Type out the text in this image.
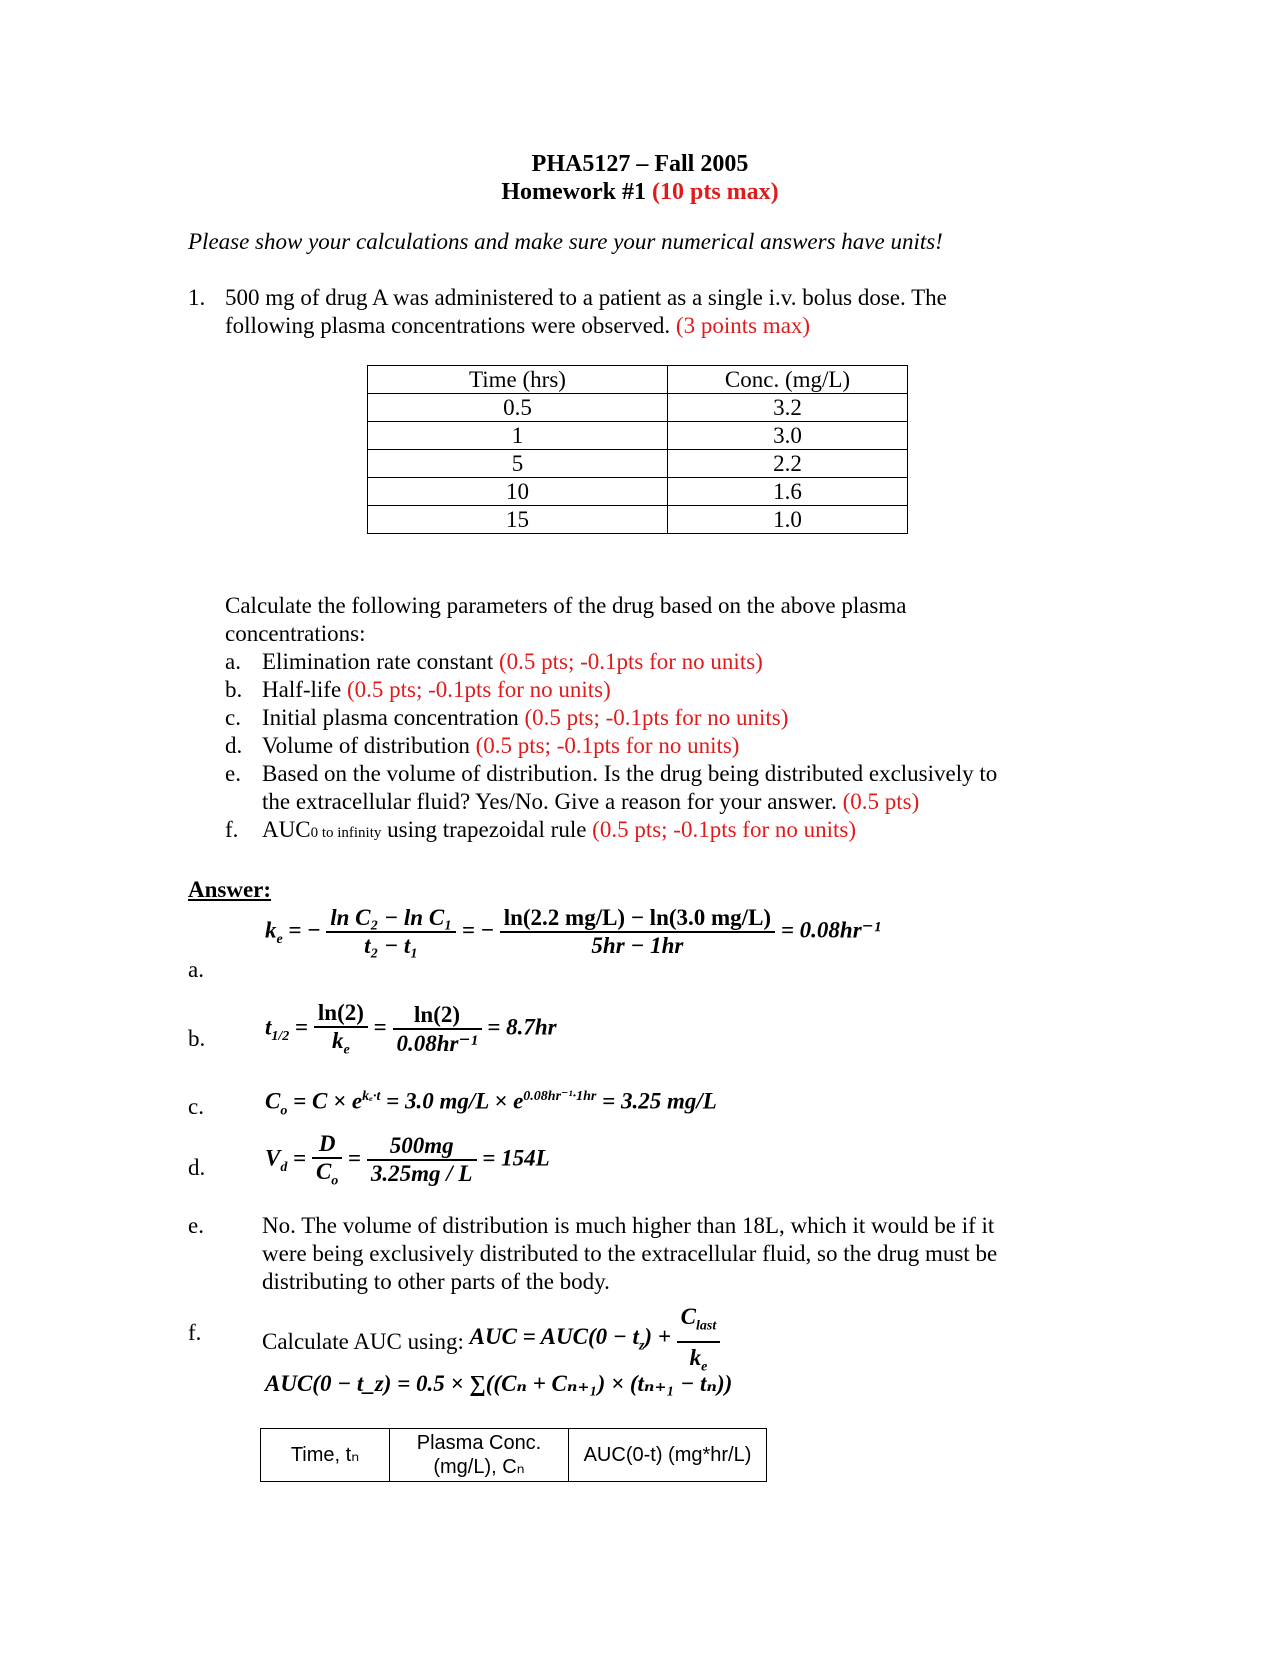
PHA5127 – Fall 2005
Homework #1 (10 pts max)
Please show your calculations and make sure your numerical answers have units!
1. 500 mg of drug A was administered to a patient as a single i.v. bolus dose. The
following plasma concentrations were observed. (3 points max)
Time (hrs)	Conc. (mg/L)
0.5	3.2
1	3.0
5	2.2
10	1.6
15	1.0
Calculate the following parameters of the drug based on the above plasma
concentrations:
a. Elimination rate constant (0.5 pts; -0.1pts for no units)
b. Half-life (0.5 pts; -0.1pts for no units)
c. Initial plasma concentration (0.5 pts; -0.1pts for no units)
d. Volume of distribution (0.5 pts; -0.1pts for no units)
e. Based on the volume of distribution. Is the drug being distributed exclusively to
the extracellular fluid? Yes/No. Give a reason for your answer. (0.5 pts)
f. AUC0 to infinity using trapezoidal rule (0.5 pts; -0.1pts for no units)
Answer:
a.
$k_e$ = − $\frac{\text{ln C₂ − ln C₁}}{\text{t₂ − t₁}}$ = − $\frac{\ln(2.2 mg/L) - \ln(3.0 mg/L)}{5hr - 1hr} = 0.08hr^{-1}$
b.	$t_{1/2} = \frac{\ln(2)}{k_e} = \frac{\ln(2)}{\text{0.08hr⁻¹}} = 8.7hr$
c.	$C_o = C \times e^{k_e\cdot t} = 3.0$ $mg/L \times e^{0.08hr^{-1}\cdot 1hr} = 3.25$ mg/L
d.	$V_d = \frac{D}{C_o} = \frac{500mg}{3.25mg / L} = 154L$
e.	No. The volume of distribution is much higher than 18L, which it would be if it
were being exclusively distributed to the extracellular fluid, so the drug must be
distributing to other parts of the body.
f.	Calculate AUC using: AUC = $AUC(0 - t_z) + \frac{C_{last}}{k_e}$
AUC(0 − t_z) = 0.5 × ∑((Cₙ + Cₙ₊₁) × (tₙ₊₁ − tₙ))
Time, tₙ	Plasma Conc. (mg/L), Cₙ	AUC(0-t) (mg*hr/L)
